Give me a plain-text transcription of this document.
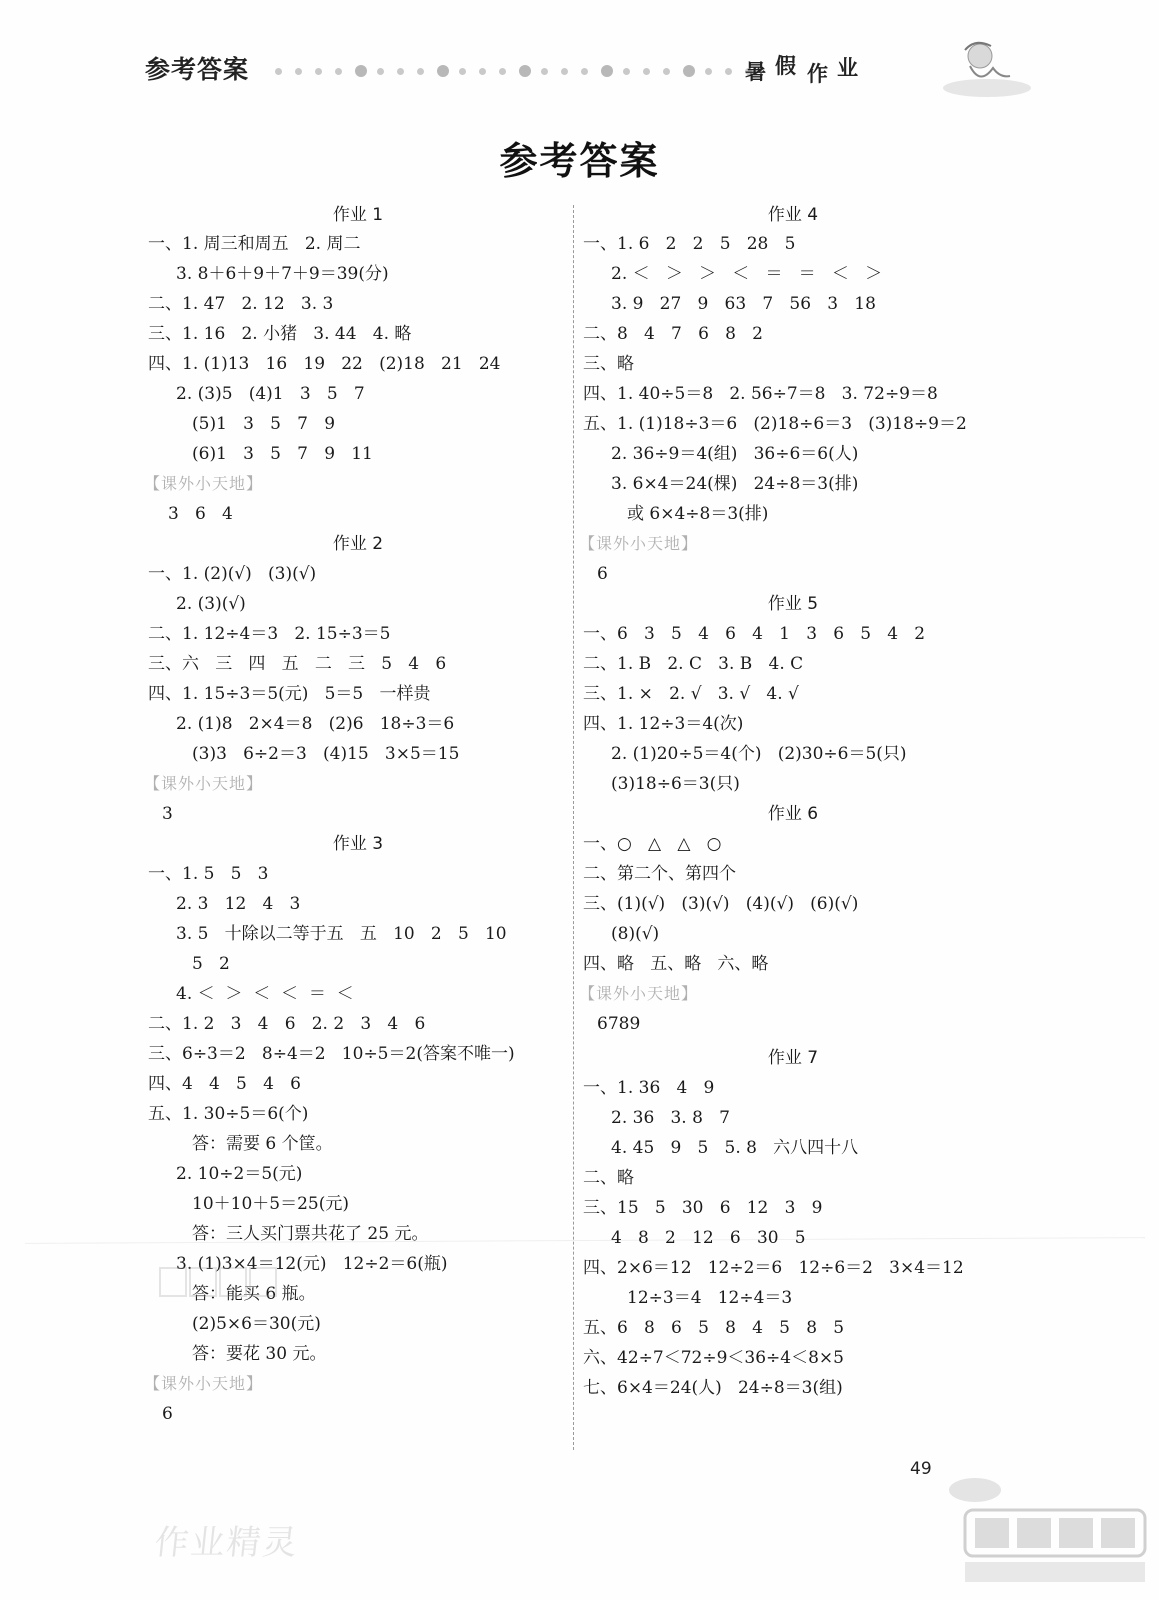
参考答案	暑 假 作 业
参考答案
作业 1
一、1. 周三和周五   2. 周二
3. 8＋6＋9＋7＋9＝39(分)
二、1. 47   2. 12   3. 3
三、1. 16   2. 小猪   3. 44   4. 略
四、1. (1)13   16   19   22   (2)18   21   24
2. (3)5   (4)1   3   5   7
(5)1   3   5   7   9
(6)1   3   5   7   9   11
【课外小天地】
3   6   4
作业 2
一、1. (2)(√)   (3)(√)
2. (3)(√)
二、1. 12÷4＝3   2. 15÷3＝5
三、六   三   四   五   二   三   5   4   6
四、1. 15÷3＝5(元)   5＝5   一样贵
2. (1)8   2×4＝8   (2)6   18÷3＝6
(3)3   6÷2＝3   (4)15   3×5＝15
【课外小天地】
3
作业 3
一、1. 5   5   3
2. 3   12   4   3
3. 5   十除以二等于五   五   10   2   5   10
5   2
4. ＜  ＞  ＜  ＜  ＝  ＜
二、1. 2   3   4   6   2. 2   3   4   6
三、6÷3＝2   8÷4＝2   10÷5＝2(答案不唯一)
四、4   4   5   4   6
五、1. 30÷5＝6(个)
答：需要 6 个筐。
2. 10÷2＝5(元)
10＋10＋5＝25(元)
答：三人买门票共花了 25 元。
3. (1)3×4＝12(元)   12÷2＝6(瓶)
答：能买 6 瓶。
(2)5×6＝30(元)
答：要花 30 元。
【课外小天地】
6
作业 4
一、1. 6   2   2   5   28   5
2. ＜   ＞   ＞   ＜   ＝   ＝   ＜   ＞
3. 9   27   9   63   7   56   3   18
二、8   4   7   6   8   2
三、略
四、1. 40÷5＝8   2. 56÷7＝8   3. 72÷9＝8
五、1. (1)18÷3＝6   (2)18÷6＝3   (3)18÷9＝2
2. 36÷9＝4(组)   36÷6＝6(人)
3. 6×4＝24(棵)   24÷8＝3(排)
或 6×4÷8＝3(排)
【课外小天地】
6
作业 5
一、6   3   5   4   6   4   1   3   6   5   4   2
二、1. B   2. C   3. B   4. C
三、1. ×   2. √   3. √   4. √
四、1. 12÷3＝4(次)
2. (1)20÷5＝4(个)   (2)30÷6＝5(只)
(3)18÷6＝3(只)
作业 6
一、○   △   △   ○
二、第二个、第四个
三、(1)(√)   (3)(√)   (4)(√)   (6)(√)
(8)(√)
四、略   五、略   六、略
【课外小天地】
6789
作业 7
一、1. 36   4   9
2. 36   3. 8   7
4. 45   9   5   5. 8   六八四十八
二、略
三、15   5   30   6   12   3   9
4   8   2   12   6   30   5
四、2×6＝12   12÷2＝6   12÷6＝2   3×4＝12
12÷3＝4   12÷4＝3
五、6   8   6   5   8   4   5   8   5
六、42÷7＜72÷9＜36÷4＜8×5
七、6×4＝24(人)   24÷8＝3(组)
作业精灵
49
